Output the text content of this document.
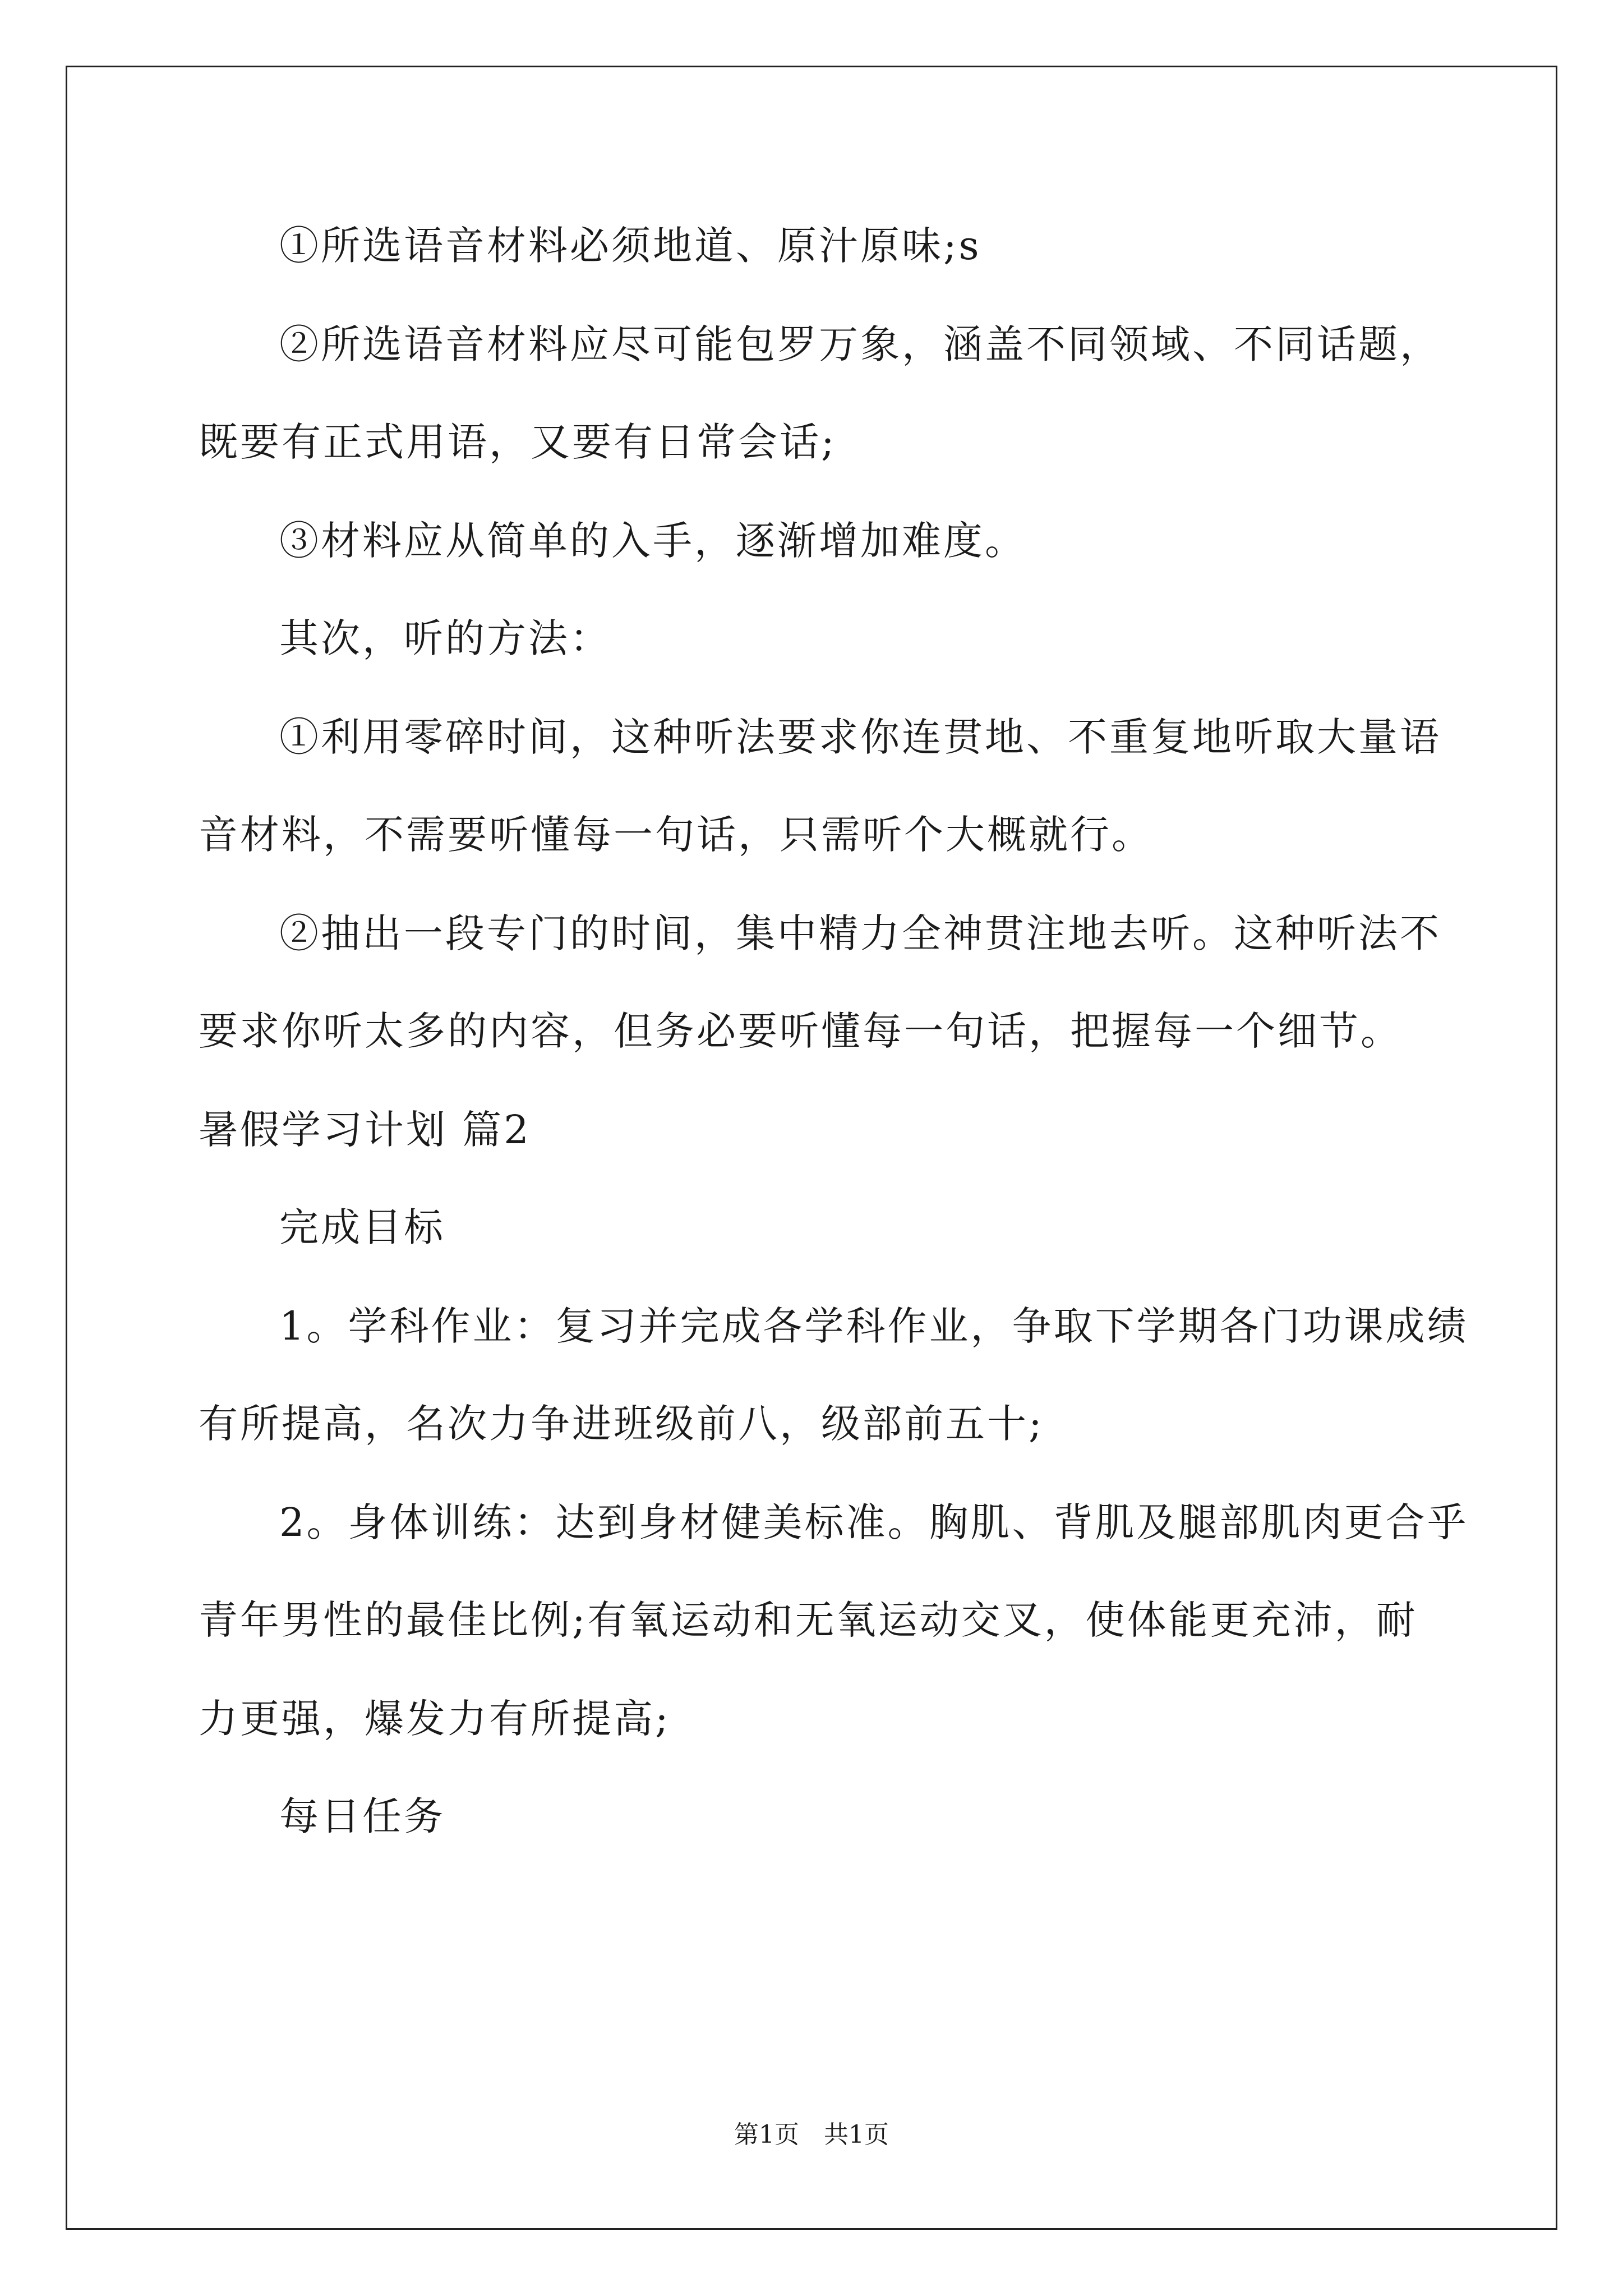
①所选语音材料必须地道、原汁原味;s
②所选语音材料应尽可能包罗万象，涵盖不同领域、不同话题，
既要有正式用语，又要有日常会话;
③材料应从简单的入手，逐渐增加难度。
其次，听的方法：
①利用零碎时间，这种听法要求你连贯地、不重复地听取大量语
音材料，不需要听懂每一句话，只需听个大概就行。
②抽出一段专门的时间，集中精力全神贯注地去听。这种听法不
要求你听太多的内容，但务必要听懂每一句话，把握每一个细节。
暑假学习计划 篇2
完成目标
1。学科作业：复习并完成各学科作业，争取下学期各门功课成绩
有所提高，名次力争进班级前八，级部前五十;
2。身体训练：达到身材健美标准。胸肌、背肌及腿部肌肉更合乎
青年男性的最佳比例;有氧运动和无氧运动交叉，使体能更充沛，耐
力更强，爆发力有所提高;
每日任务
第1页　共1页
